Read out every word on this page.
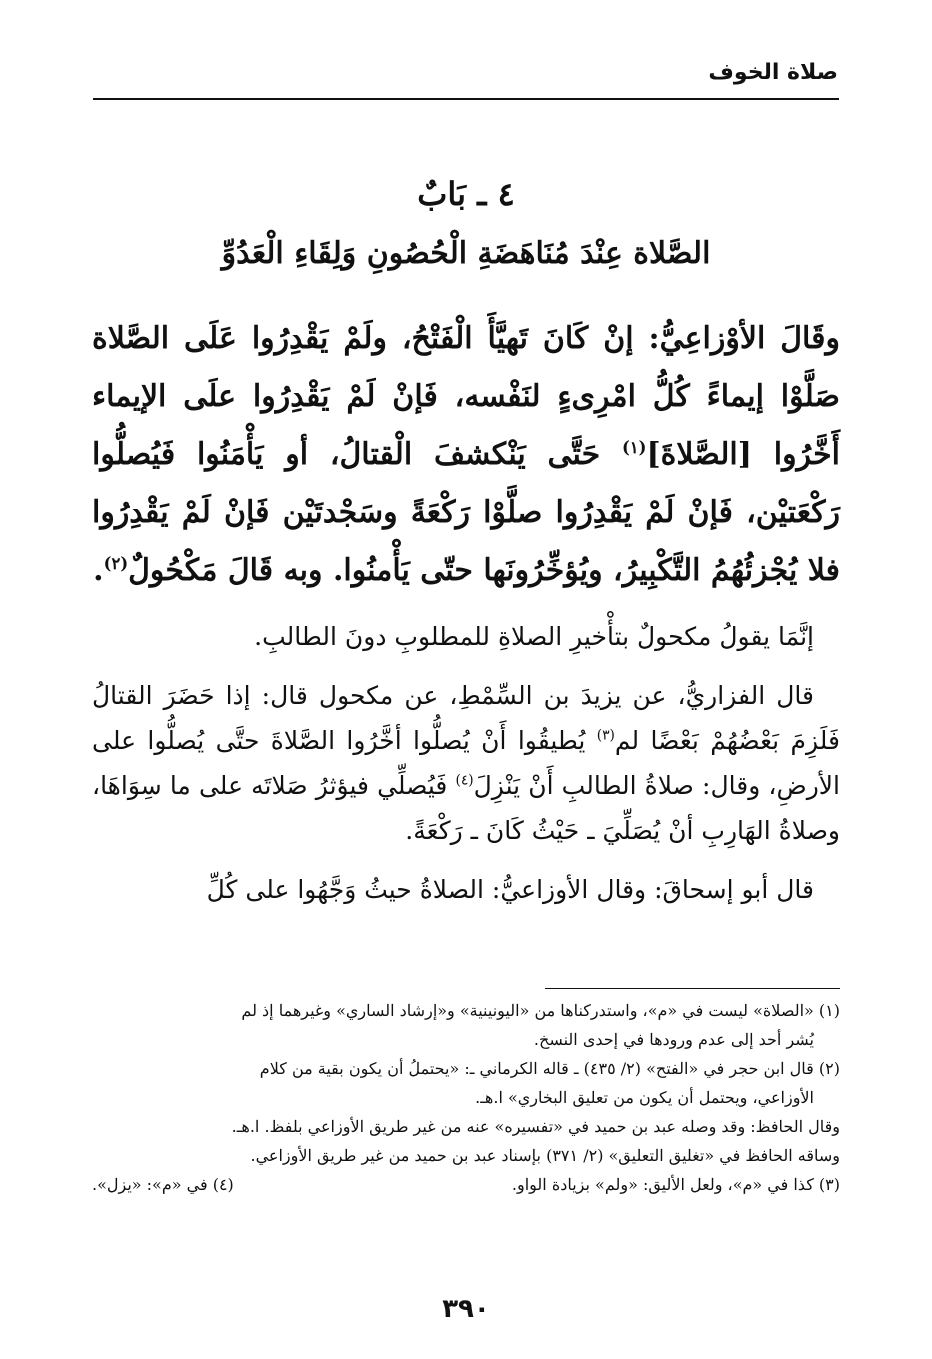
صلاة الخوف
٤ ـ بَابٌ
الصَّلاة عِنْدَ مُنَاهَضَةِ الْحُصُونِ وَلِقَاءِ الْعَدُوِّ

وقَالَ الأوْزاعِيُّ: إنْ كَانَ تَهيَّأَ الْفَتْحُ، ولَمْ يَقْدِرُوا عَلَى الصَّلاة صَلَّوْا إيماءً كُلُّ امْرِىءٍ لنَفْسه، فَإنْ لَمْ يَقْدِرُوا علَى الإيماء أَخَّرُوا [الصَّلاةَ]$^{(١)}$ حَتَّى يَنْكشفَ الْقتالُ، أو يَأْمَنُوا فَيُصلُّوا رَكْعَتيْن، فَإنْ لَمْ يَقْدِرُوا صلَّوْا رَكْعَةً وسَجْدتَيْن فَإنْ لَمْ يَقْدِرُوا فلا يُجْزئُهُمُ التَّكْبِيرُ، ويُؤخِّرُونَها حتّى يَأْمنُوا. وبه قَالَ مَكْحُولٌ$^{(٢)}$.

إنَّمَا يقولُ مكحولٌ بتأْخيرِ الصلاةِ للمطلوبِ دونَ الطالبِ.

قال الفزاريُّ، عن يزيدَ بن السِّمْطِ، عن مكحول قال: إذا حَضَرَ القتالُ فَلَزِمَ بَعْضُهُمْ بَعْضًا لم$^{(٣)}$ يُطيقُوا أَنْ يُصلُّوا أخَّرُوا الصَّلاةَ حتَّى يُصلُّوا على الأرضِ، وقال: صلاةُ الطالبِ أَنْ يَنْزِلَ$^{(٤)}$ فَيُصلِّي فيؤثرُ صَلاتَه على ما سِوَاهَا، وصلاةُ الهَارِبِ أنْ يُصَلِّيَ ـ حَيْثُ كَانَ ـ رَكْعَةً.

قال أبو إسحاقَ: وقال الأوزاعيُّ: الصلاةُ حيثُ وَجَّهُوا على كُلِّ

(١) «الصلاة» ليست في «م»، واستدركناها من «اليونينية» و«إرشاد الساري» وغيرهما إذ لم

يُشر أحد إلى عدم ورودها في إحدى النسخ.

(٢) قال ابن حجر في «الفتح» (٢/ ٤٣٥) ـ قاله الكرماني ـ: «يحتملُ أن يكون بقية من كلام

الأوزاعي، ويحتمل أن يكون من تعليق البخاري» ا.هـ.

وقال الحافظ: وقد وصله عبد بن حميد في «تفسيره» عنه من غير طريق الأوزاعي بلفظ. ا.هـ.

وساقه الحافظ في «تغليق التعليق» (٢/ ٣٧١) بإسناد عبد بن حميد من غير طريق الأوزاعي.

(٣) كذا في «م»، ولعل الأليق: «ولم» بزيادة الواو.
(٤) في «م»: «يزل».
٣٩٠
